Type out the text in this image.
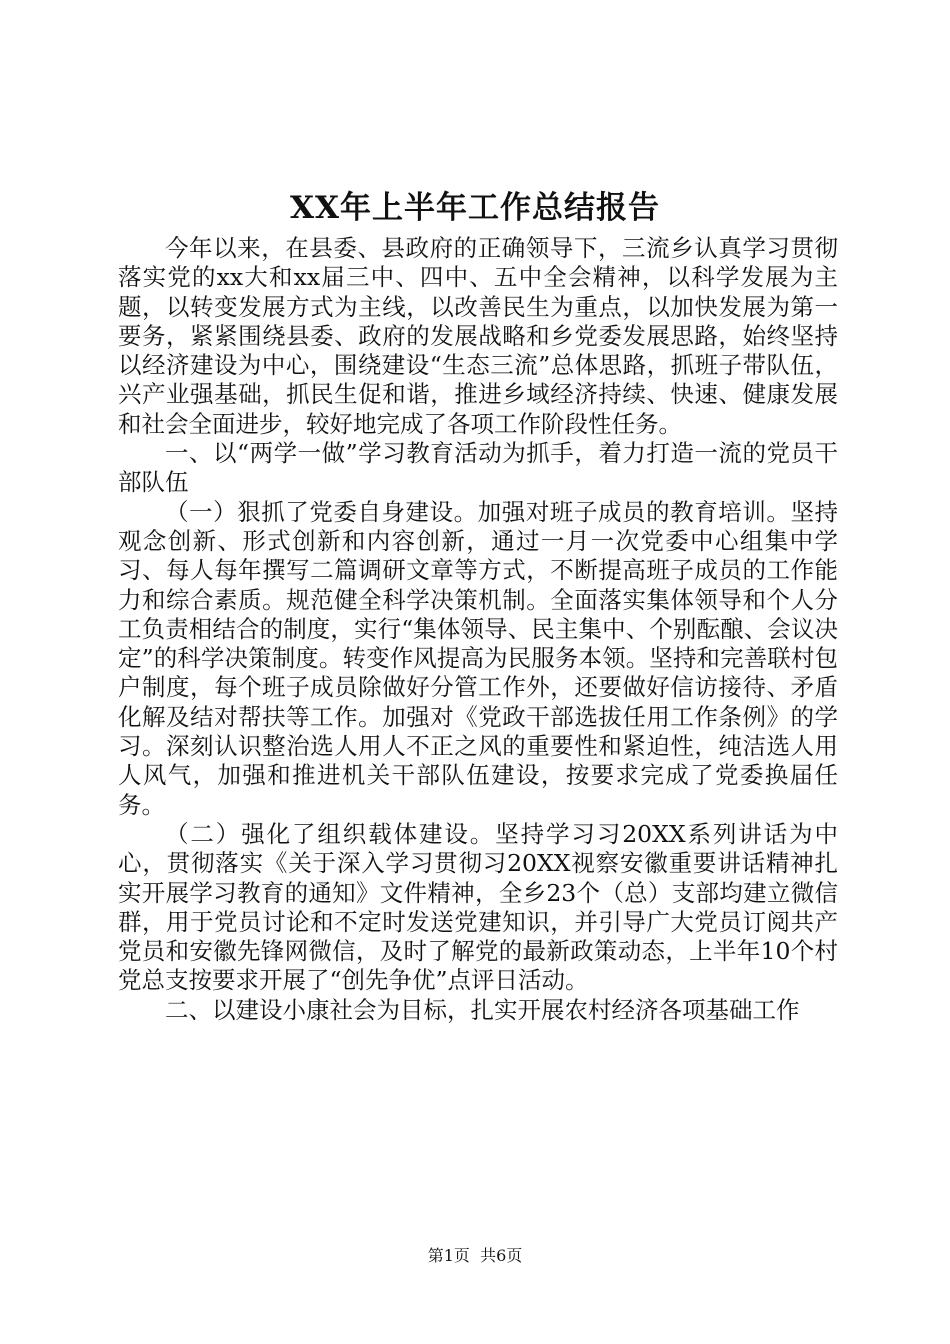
XX年上半年工作总结报告

今年以来，在县委、县政府的正确领导下，三流乡认真学习贯彻落实党的xx大和xx届三中、四中、五中全会精神，以科学发展为主题，以转变发展方式为主线，以改善民生为重点，以加快发展为第一要务，紧紧围绕县委、政府的发展战略和乡党委发展思路，始终坚持以经济建设为中心，围绕建设“生态三流”总体思路，抓班子带队伍，兴产业强基础，抓民生促和谐，推进乡域经济持续、快速、健康发展和社会全面进步，较好地完成了各项工作阶段性任务。

一、以“两学一做”学习教育活动为抓手，着力打造一流的党员干部队伍

（一）狠抓了党委自身建设。加强对班子成员的教育培训。坚持观念创新、形式创新和内容创新，通过一月一次党委中心组集中学习、每人每年撰写二篇调研文章等方式，不断提高班子成员的工作能力和综合素质。规范健全科学决策机制。全面落实集体领导和个人分工负责相结合的制度，实行“集体领导、民主集中、个别酝酿、会议决定”的科学决策制度。转变作风提高为民服务本领。坚持和完善联村包户制度，每个班子成员除做好分管工作外，还要做好信访接待、矛盾化解及结对帮扶等工作。加强对《党政干部选拔任用工作条例》的学习。深刻认识整治选人用人不正之风的重要性和紧迫性，纯洁选人用人风气，加强和推进机关干部队伍建设，按要求完成了党委换届任务。

（二）强化了组织载体建设。坚持学习习20XX系列讲话为中心，贯彻落实《关于深入学习贯彻习20XX视察安徽重要讲话精神扎实开展学习教育的通知》文件精神，全乡23个（总）支部均建立微信群，用于党员讨论和不定时发送党建知识，并引导广大党员订阅共产党员和安徽先锋网微信，及时了解党的最新政策动态，上半年10个村党总支按要求开展了“创先争优”点评日活动。

二、以建设小康社会为目标，扎实开展农村经济各项基础工作

第1页 共6页
